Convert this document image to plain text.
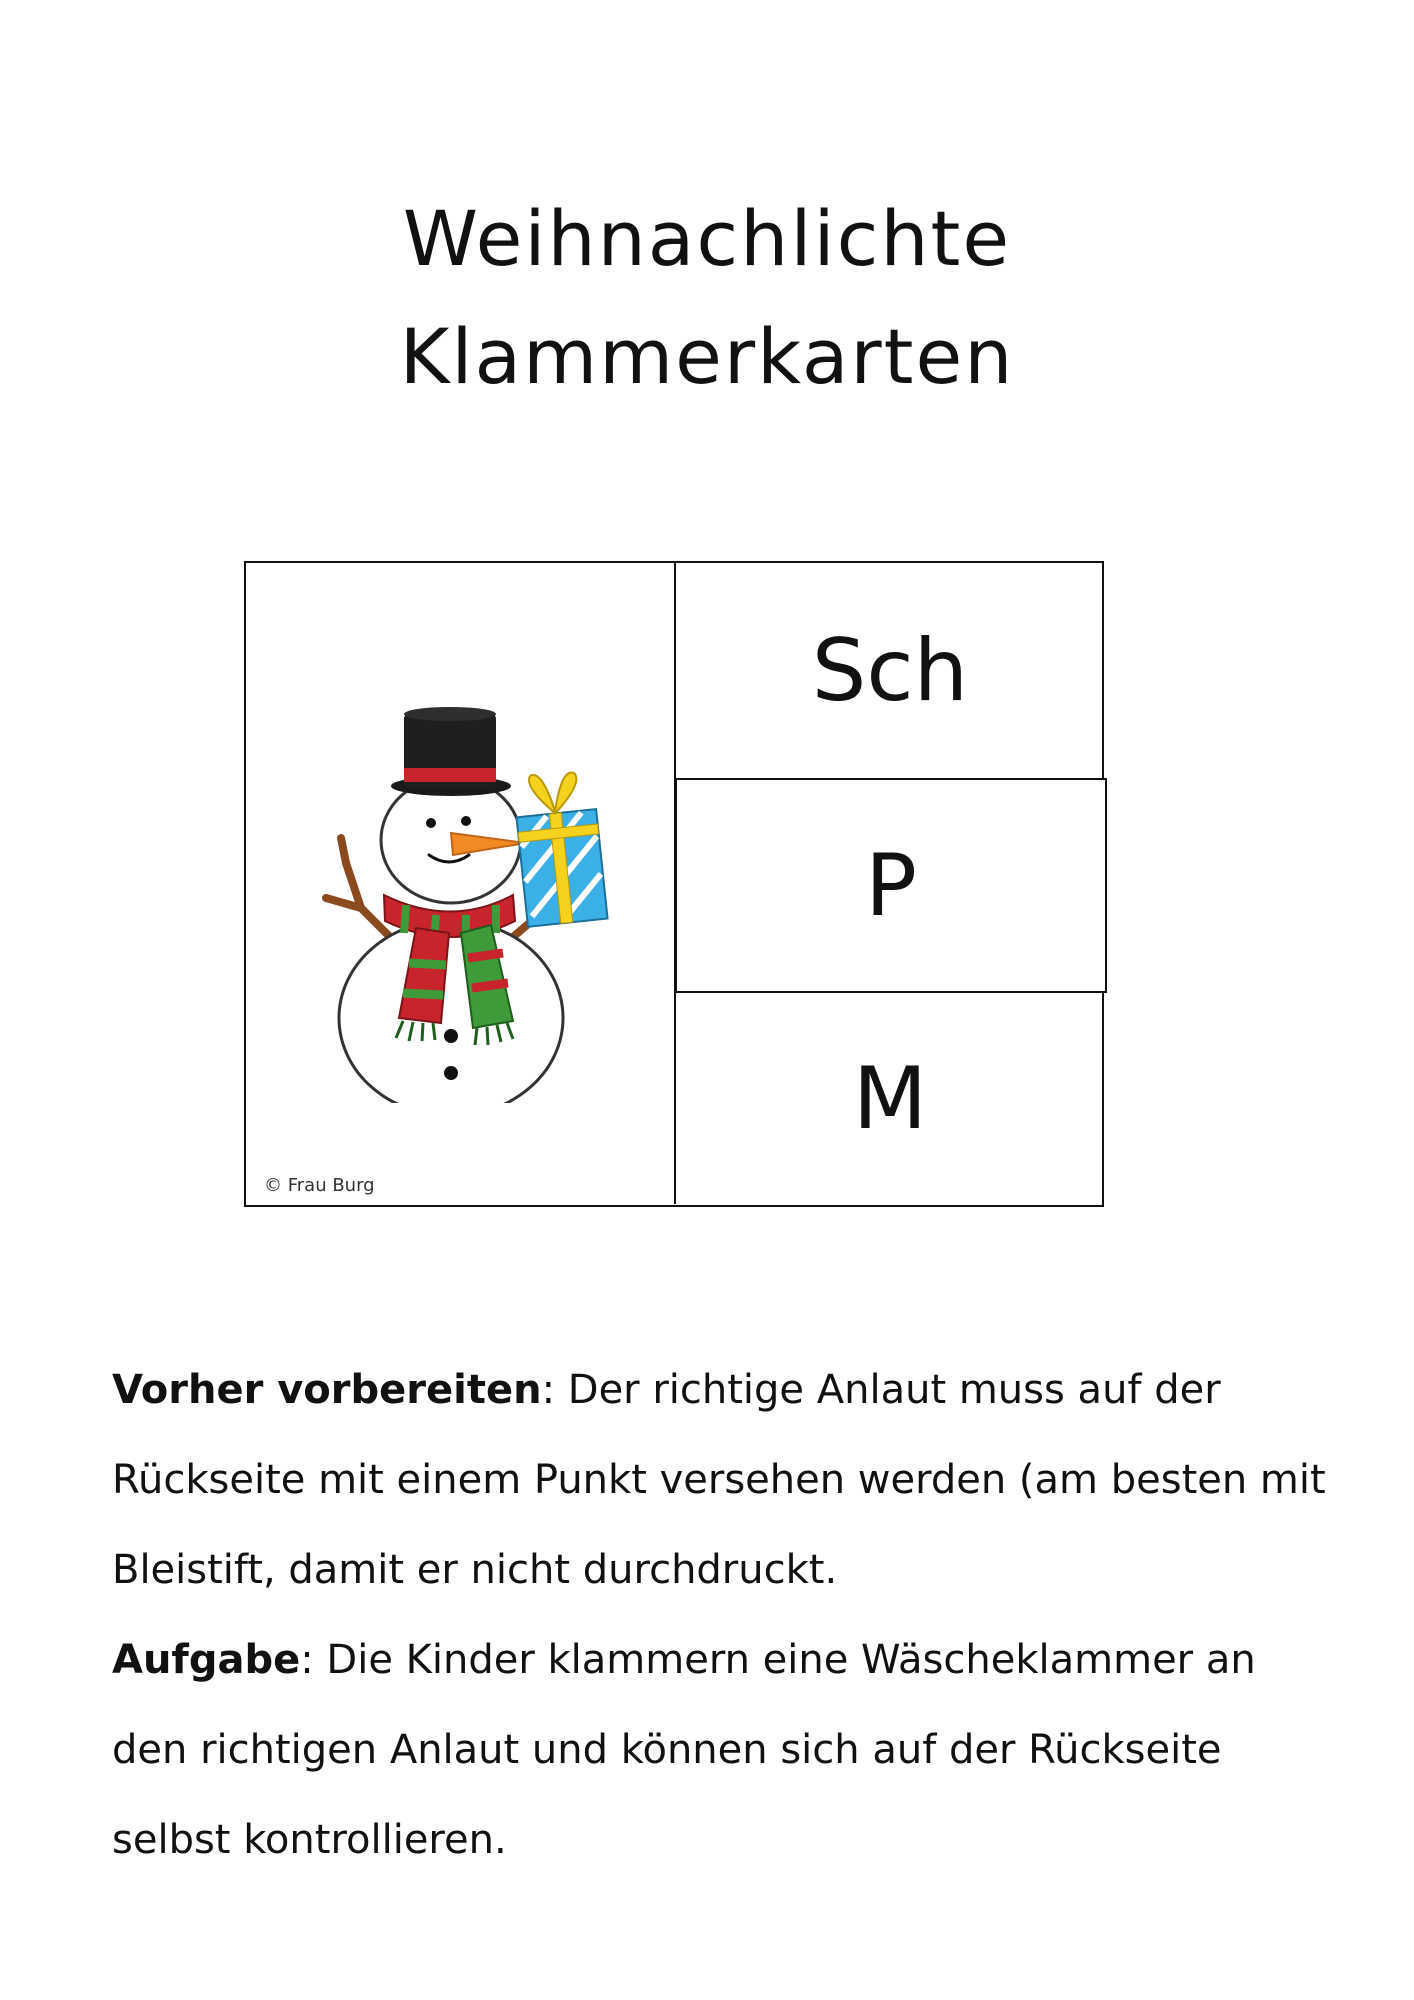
Weihnachlichte
Klammerkarten
© Frau Burg
Sch
P
M

Vorher vorbereiten: Der richtige Anlaut muss auf der Rückseite mit einem Punkt versehen werden (am besten mit Bleistift, damit er nicht durchdruckt.

Aufgabe: Die Kinder klammern eine Wäscheklammer an den richtigen Anlaut und können sich auf der Rückseite selbst kontrollieren.
